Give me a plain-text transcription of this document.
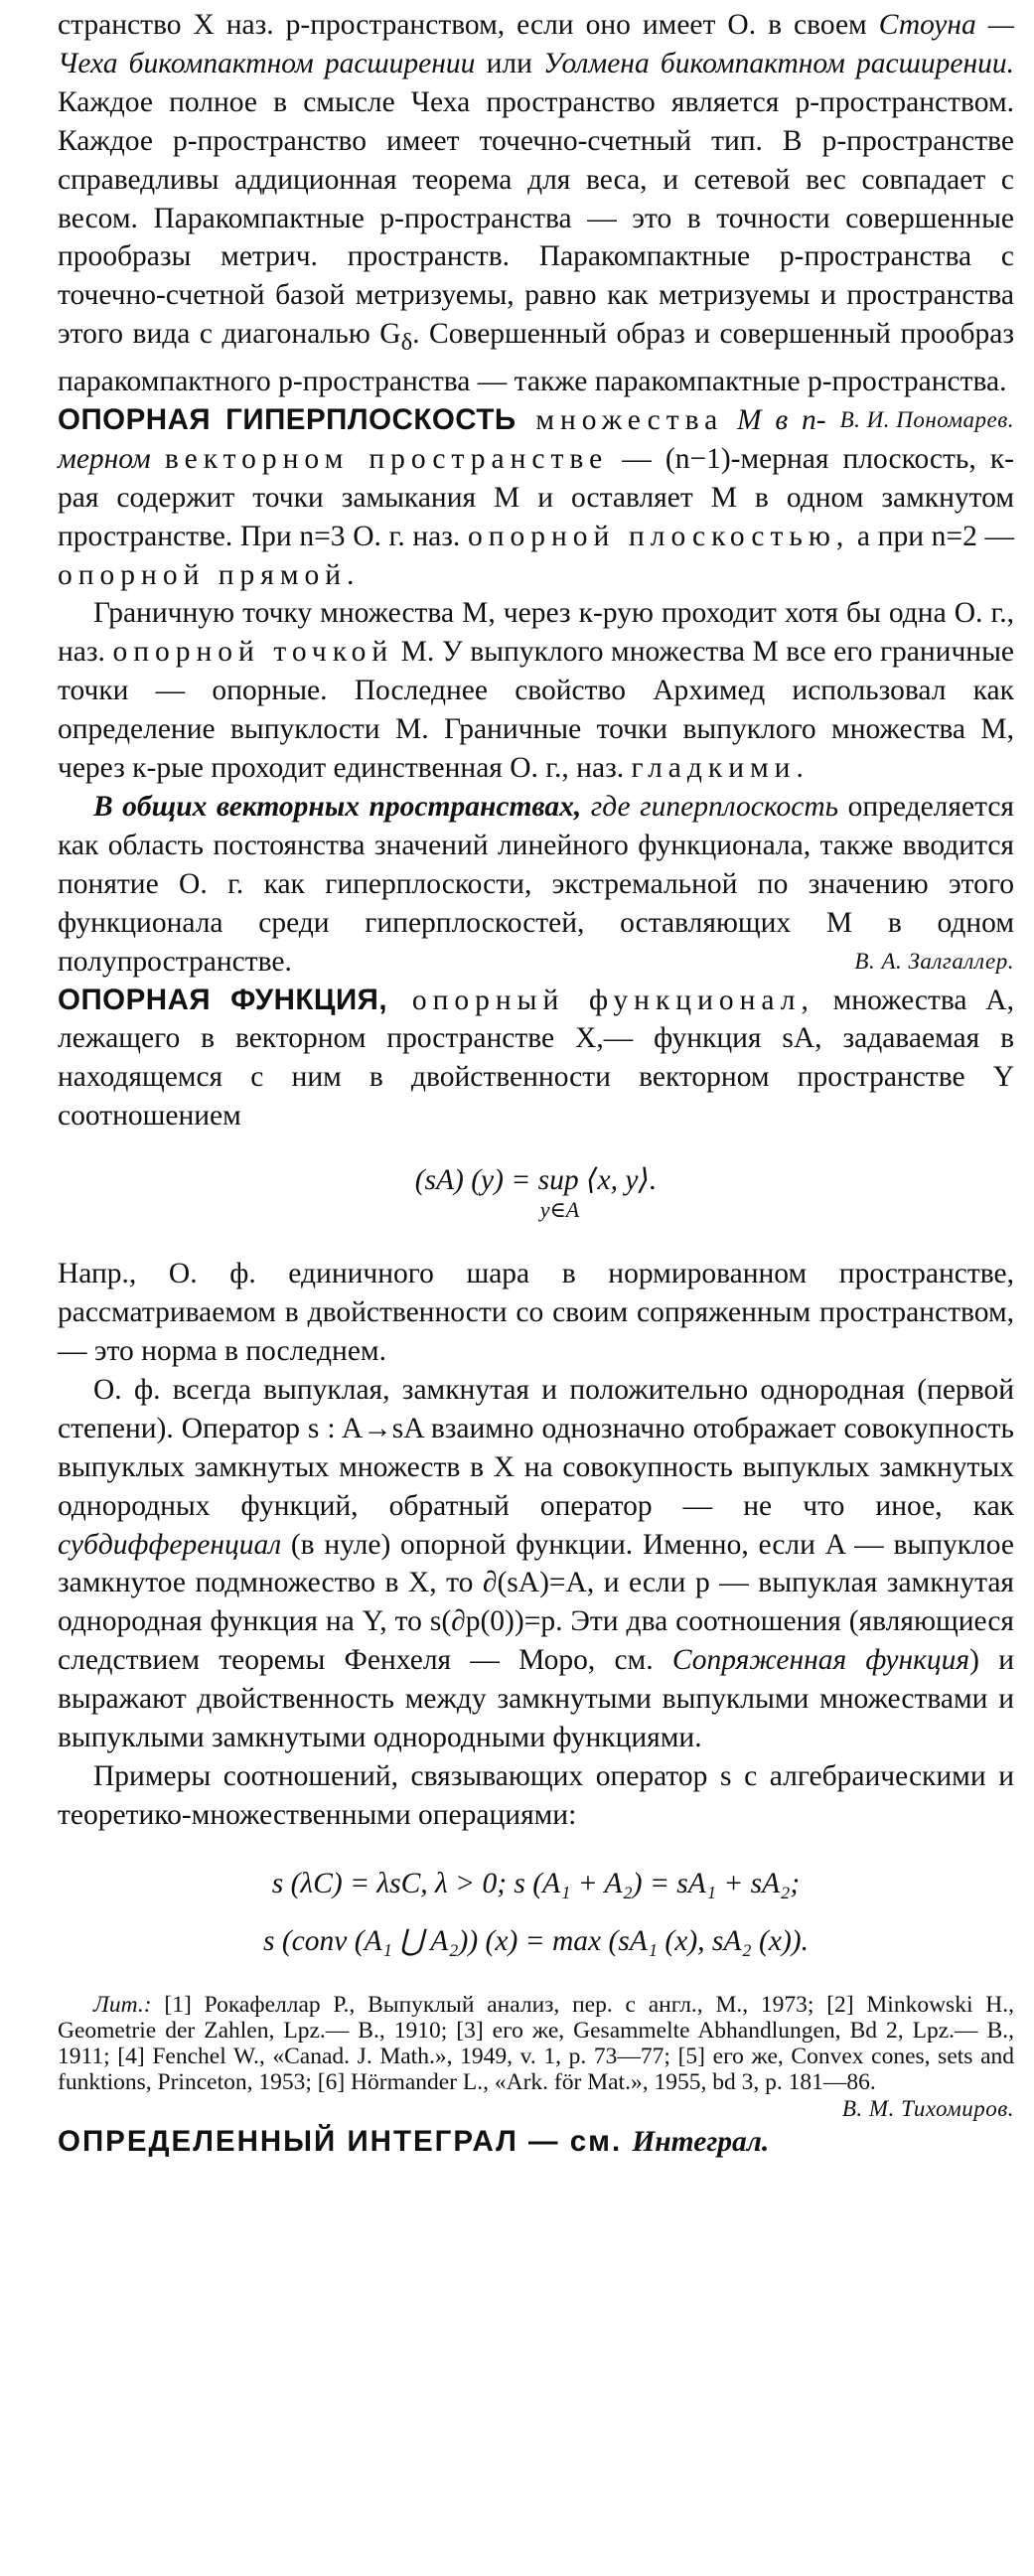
странство X наз. p-пространством, если оно имеет O. в своем Стоуна — Чеха бикомпактном расширении или Уолмена бикомпактном расширении. Каждое полное в смысле Чеха пространство является p-пространством. Каждое p-пространство имеет точечно-счетный тип. В p-пространстве справедливы аддиционная теорема для веса, и сетевой вес совпадает с весом. Паракомпактные p-пространства — это в точности совершенные прообразы метрич. пространств. Паракомпактные p-пространства с точечно-счетной базой метризуемы, равно как метризуемы и пространства этого вида с диагональю $G_\delta$. Совершенный образ и совершенный прообраз паракомпактного p-пространства — также паракомпактные p-пространства.
В. И. Пономарев.

ОПОРНАЯ ГИПЕРПЛОСКОСТЬ множества M в n-мерном векторном пространстве — (n−1)-мерная плоскость, к-рая содержит точки замыкания M и оставляет M в одном замкнутом пространстве. При n=3 О. г. наз. опорной плоскостью, а при n=2 — опорной прямой.

Граничную точку множества M, через к-рую проходит хотя бы одна О. г., наз. опорной точкой M. У выпуклого множества M все его граничные точки — опорные. Последнее свойство Архимед использовал как определение выпуклости M. Граничные точки выпуклого множества M, через к-рые проходит единственная О. г., наз. гладкими.

В общих векторных пространствах, где гиперплоскость определяется как область постоянства значений линейного функционала, также вводится понятие О. г. как гиперплоскости, экстремальной по значению этого функционала среди гиперплоскостей, оставляющих M в одном полупространстве.	В. А. Залгаллер.

ОПОРНАЯ ФУНКЦИЯ, опорный функционал, множества A, лежащего в векторном пространстве X,— функция sA, задаваемая в находящемся с ним в двойственности векторном пространстве Y соотношением

(sA) (y) = sup ⟨x, y⟩.
y∈A

Напр., О. ф. единичного шара в нормированном пространстве, рассматриваемом в двойственности со своим сопряженным пространством,— это норма в последнем.

О. ф. всегда выпуклая, замкнутая и положительно однородная (первой степени). Оператор s : A→sA взаимно однозначно отображает совокупность выпуклых замкнутых множеств в X на совокупность выпуклых замкнутых однородных функций, обратный оператор — не что иное, как субдифференциал (в нуле) опорной функции. Именно, если A — выпуклое замкнутое подмножество в X, то ∂(sA)=A, и если p — выпуклая замкнутая однородная функция на Y, то s(∂p(0))=p. Эти два соотношения (являющиеся следствием теоремы Фенхеля — Моро, см. Сопряженная функция) и выражают двойственность между замкнутыми выпуклыми множествами и выпуклыми замкнутыми однородными функциями.

Примеры соотношений, связывающих оператор s с алгебраическими и теоретико-множественными операциями:

s (λC) = λsC, λ > 0; s (A₁ + A₂) = sA₁ + sA₂;
s (conv (A₁ ⋃ A₂)) (x) = max (sA₁ (x), sA₂ (x)).

Лит.: [1] Рокафеллар Р., Выпуклый анализ, пер. с англ., М., 1973; [2] Minkowski H., Geometrie der Zahlen, Lpz.— B., 1910; [3] его же, Gesammelte Abhandlungen, Bd 2, Lpz.— B., 1911; [4] Fenchel W., «Canad. J. Math.», 1949, v. 1, p. 73—77; [5] его же, Convex cones, sets and funktions, Princeton, 1953; [6] Hörmander L., «Ark. för Mat.», 1955, bd 3, p. 181—86.
В. М. Тихомиров.

ОПРЕДЕЛЕННЫЙ ИНТЕГРАЛ — см. Интеграл.
